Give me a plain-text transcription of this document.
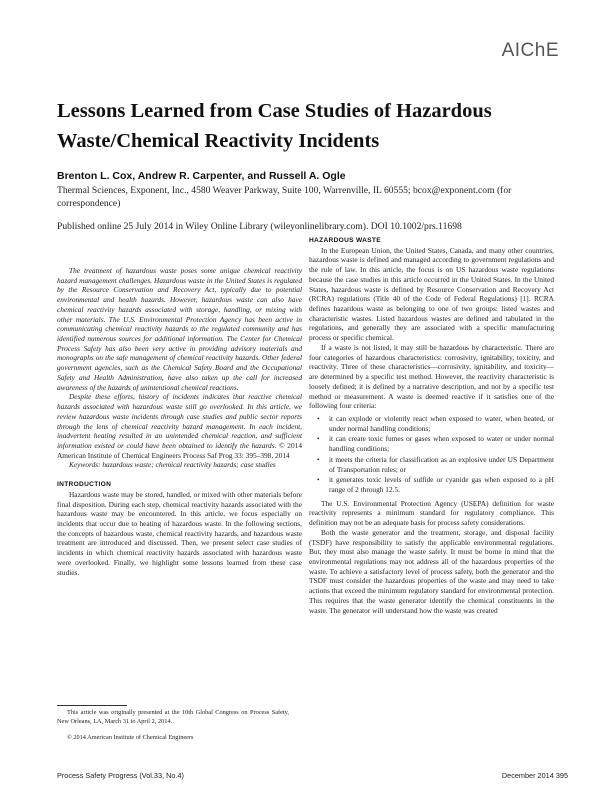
AIChE
Lessons Learned from Case Studies of Hazardous Waste/Chemical Reactivity Incidents
Brenton L. Cox, Andrew R. Carpenter, and Russell A. Ogle
Thermal Sciences, Exponent, Inc., 4580 Weaver Parkway, Suite 100, Warrenville, IL 60555; bcox@exponent.com (for correspondence)
Published online 25 July 2014 in Wiley Online Library (wileyonlinelibrary.com). DOI 10.1002/prs.11698

The treatment of hazardous waste poses some unique chemical reactivity hazard management challenges. Hazardous waste in the United States is regulated by the Resource Conservation and Recovery Act, typically due to potential environmental and health hazards. However, hazardous waste can also have chemical reactivity hazards associated with storage, handling, or mixing with other materials. The U.S. Environmental Protection Agency has been active in communicating chemical reactivity hazards to the regulated community and has identified numerous sources for additional information. The Center for Chemical Process Safety has also been very active in providing advisory materials and monographs on the safe management of chemical reactivity hazards. Other federal government agencies, such as the Chemical Safety Board and the Occupational Safety and Health Administration, have also taken up the call for increased awareness of the hazards of unintentional chemical reactions.

Despite these efforts, history of incidents indicates that reactive chemical hazards associated with hazardous waste still go overlooked. In this article, we review hazardous waste incidents through case studies and public sector reports through the lens of chemical reactivity hazard management. In each incident, inadvertent heating resulted in an unintended chemical reaction, and sufficient information existed or could have been obtained to identify the hazards. © 2014 American Institute of Chemical Engineers Process Saf Prog 33: 395–398, 2014

Keywords: hazardous waste; chemical reactivity hazards; case studies

INTRODUCTION

Hazardous waste may be stored, handled, or mixed with other materials before final disposition. During each step, chemical reactivity hazards associated with the hazardous waste may be encountered. In this article, we focus especially on incidents that occur due to heating of hazardous waste. In the following sections, the concepts of hazardous waste, chemical reactivity hazards, and hazardous waste treatment are introduced and discussed. Then, we present select case studies of incidents in which chemical reactivity hazards associated with hazardous waste were overlooked. Finally, we highlight some lessons learned from these case studies.

HAZARDOUS WASTE

In the European Union, the United States, Canada, and many other countries, hazardous waste is defined and managed according to government regulations and the rule of law. In this article, the focus is on US hazardous waste regulations because the case studies in this article occurred in the United States. In the United States, hazardous waste is defined by Resource Conservation and Recovery Act (RCRA) regulations (Title 40 of the Code of Federal Regulations) [1]. RCRA defines hazardous waste as belonging to one of two groups: listed wastes and characteristic wastes. Listed hazardous wastes are defined and tabulated in the regulations, and generally they are associated with a specific manufacturing process or specific chemical.

If a waste is not listed, it may still be hazardous by characteristic. There are four categories of hazardous characteristics: corrosivity, ignitability, toxicity, and reactivity. Three of these characteristics—corrosivity, ignitability, and toxicity—are determined by a specific test method. However, the reactivity characteristic is loosely defined; it is defined by a narrative description, and not by a specific test method or measurement. A waste is deemed reactive if it satisfies one of the following four criteria:

• it can explode or violently react when exposed to water, when heated, or under normal handling conditions;
• it can create toxic fumes or gases when exposed to water or under normal handling conditions;
• it meets the criteria for classification as an explosive under US Department of Transportation rules; or
• it generates toxic levels of sulfide or cyanide gas when exposed to a pH range of 2 through 12.5.

The U.S. Environmental Protection Agency (USEPA) definition for waste reactivity represents a minimum standard for regulatory compliance. This definition may not be an adequate basis for process safety considerations.

Both the waste generator and the treatment, storage, and disposal facility (TSDF) have responsibility to satisfy the applicable environmental regulations. But, they must also manage the waste safely. It must be borne in mind that the environmental regulations may not address all of the hazardous properties of the waste. To achieve a satisfactory level of process safety, both the generator and the TSDF must consider the hazardous properties of the waste and may need to take actions that exceed the minimum regulatory standard for environmental protection. This requires that the waste generator identify the chemical constituents in the waste. The generator will understand how the waste was created

This article was originally presented at the 10th Global Congress on Process Safety, New Orleans, LA, March 31 to April 2, 2014.

© 2014 American Institute of Chemical Engineers

Process Safety Progress (Vol.33, No.4)	December 2014 395
